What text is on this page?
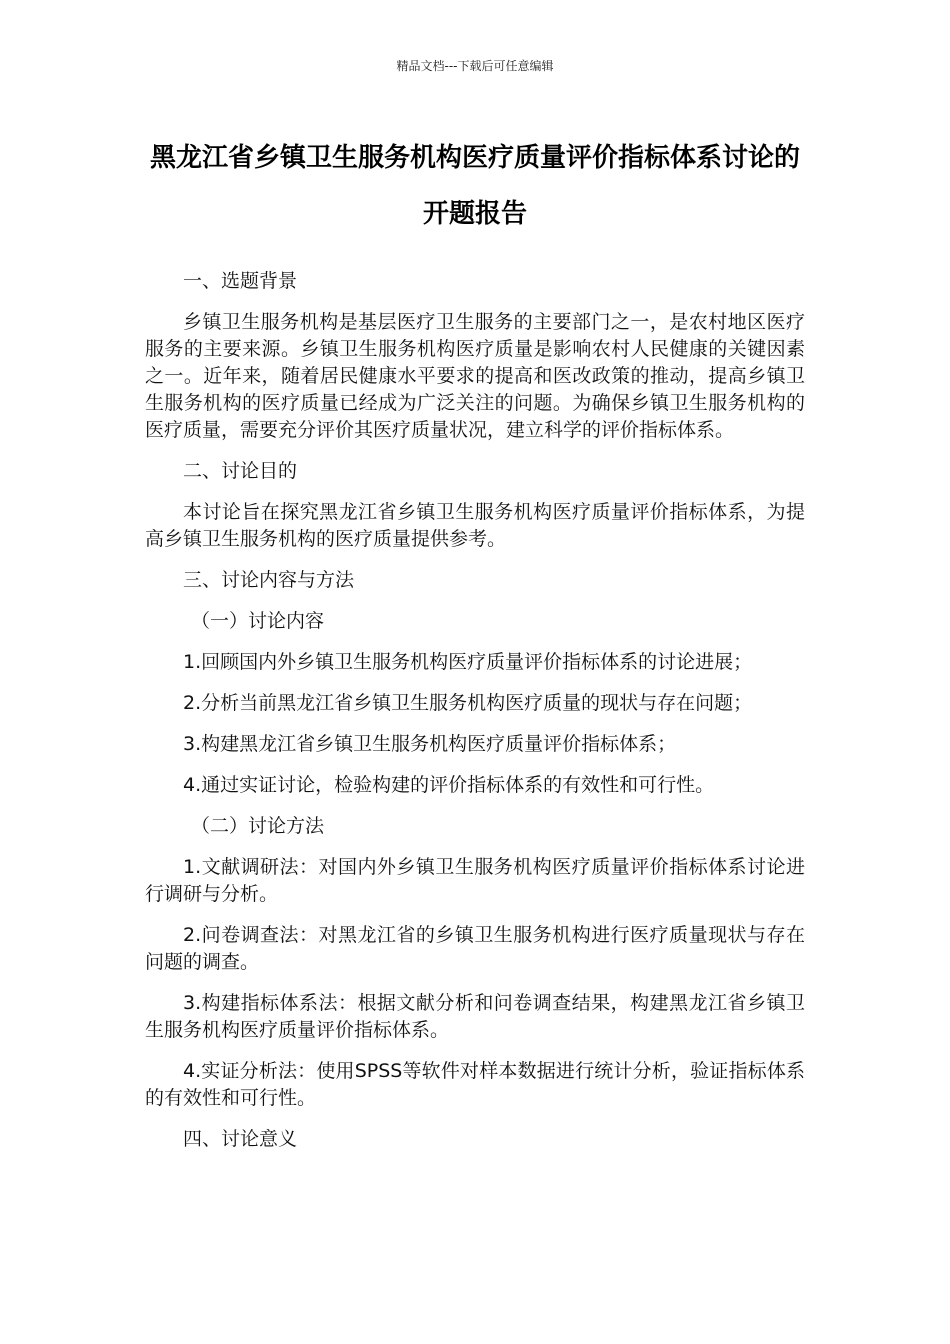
精品文档---下载后可任意编辑
黑龙江省乡镇卫生服务机构医疗质量评价指标体系讨论的开题报告
一、选题背景
乡镇卫生服务机构是基层医疗卫生服务的主要部门之一，是农村地区医疗服务的主要来源。乡镇卫生服务机构医疗质量是影响农村人民健康的关键因素之一。近年来，随着居民健康水平要求的提高和医改政策的推动，提高乡镇卫生服务机构的医疗质量已经成为广泛关注的问题。为确保乡镇卫生服务机构的医疗质量，需要充分评价其医疗质量状况，建立科学的评价指标体系。
二、讨论目的
本讨论旨在探究黑龙江省乡镇卫生服务机构医疗质量评价指标体系，为提高乡镇卫生服务机构的医疗质量提供参考。
三、讨论内容与方法
（一）讨论内容
1.回顾国内外乡镇卫生服务机构医疗质量评价指标体系的讨论进展；
2.分析当前黑龙江省乡镇卫生服务机构医疗质量的现状与存在问题；
3.构建黑龙江省乡镇卫生服务机构医疗质量评价指标体系；
4.通过实证讨论，检验构建的评价指标体系的有效性和可行性。
（二）讨论方法
1.文献调研法：对国内外乡镇卫生服务机构医疗质量评价指标体系讨论进行调研与分析。
2.问卷调查法：对黑龙江省的乡镇卫生服务机构进行医疗质量现状与存在问题的调查。
3.构建指标体系法：根据文献分析和问卷调查结果，构建黑龙江省乡镇卫生服务机构医疗质量评价指标体系。
4.实证分析法：使用SPSS等软件对样本数据进行统计分析，验证指标体系的有效性和可行性。
四、讨论意义
